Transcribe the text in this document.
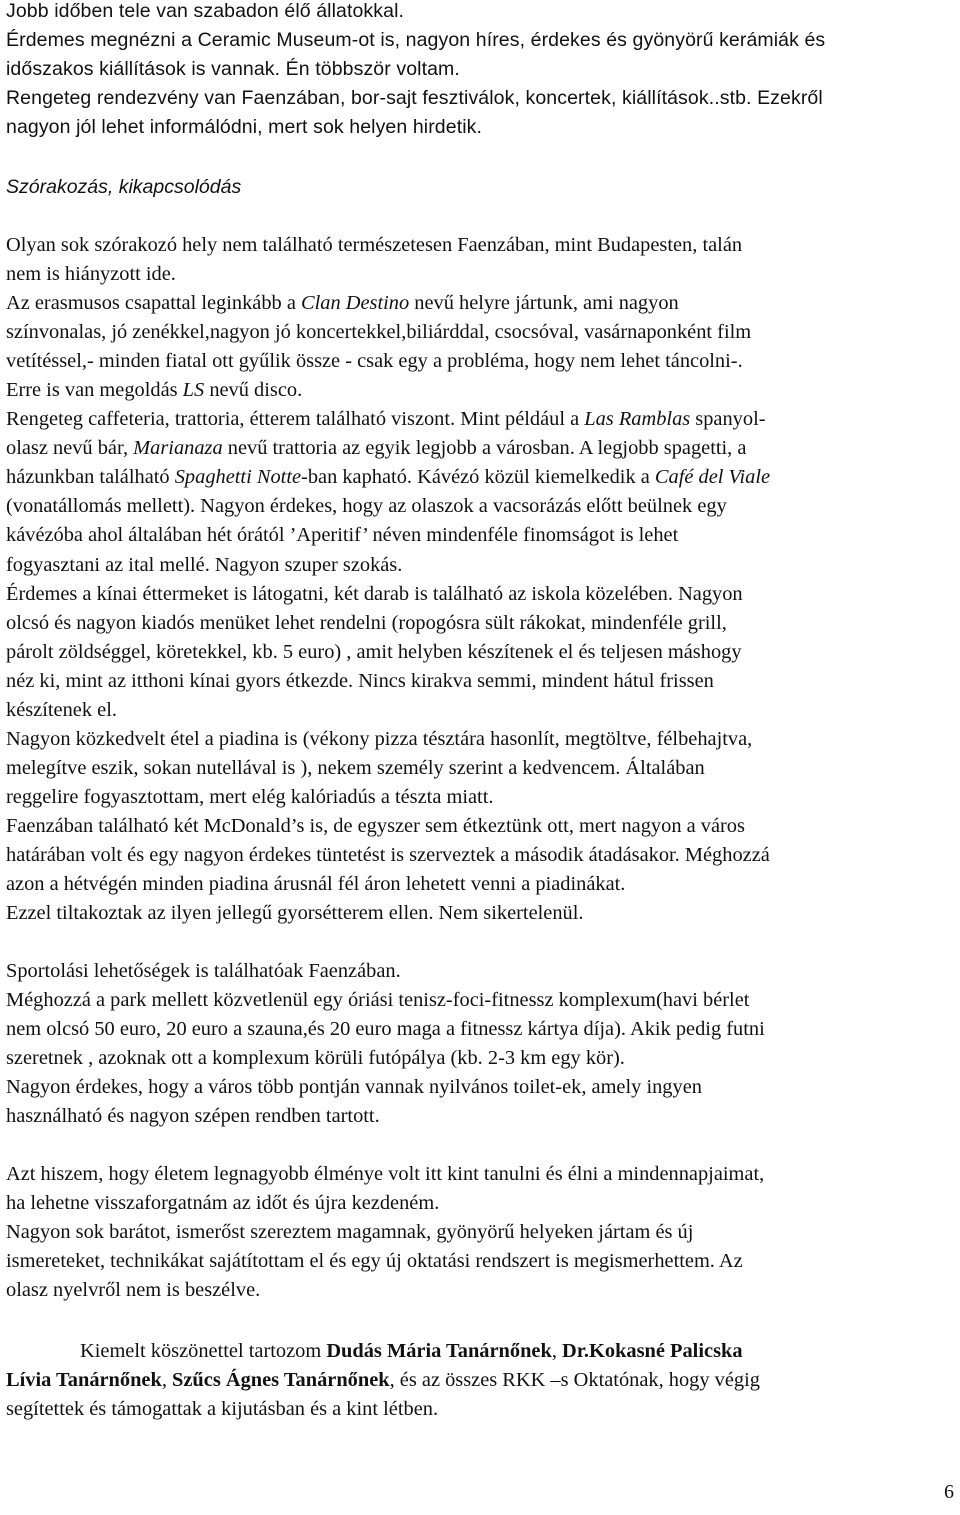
Jobb időben tele van szabadon élő állatokkal.
Érdemes megnézni a Ceramic Museum-ot is, nagyon híres, érdekes és gyönyörű kerámiák és
időszakos kiállítások is vannak. Én többször voltam.
Rengeteg rendezvény van Faenzában, bor-sajt fesztiválok, koncertek, kiállítások..stb. Ezekről
nagyon jól lehet informálódni, mert sok helyen hirdetik.
Szórakozás, kikapcsolódás
Olyan sok szórakozó hely nem található természetesen Faenzában, mint Budapesten, talán
nem is hiányzott ide.
Az erasmusos csapattal leginkább a Clan Destino nevű helyre jártunk, ami nagyon
színvonalas, jó zenékkel,nagyon jó koncertekkel,biliárddal, csocsóval, vasárnaponként film
vetítéssel,- minden fiatal ott gyűlik össze - csak egy a probléma, hogy nem lehet táncolni-.
Erre is van megoldás LS nevű disco.
Rengeteg caffeteria, trattoria, étterem található viszont. Mint például a Las Ramblas spanyol-
olasz nevű bár, Marianaza nevű trattoria az egyik legjobb a városban. A legjobb spagetti, a
házunkban található Spaghetti Notte-ban kapható. Kávézó közül kiemelkedik a Café del Viale
(vonatállomás mellett). Nagyon érdekes, hogy az olaszok a vacsorázás előtt beülnek egy
kávézóba ahol általában hét órától ’Aperitif’ néven mindenféle finomságot is lehet
fogyasztani az ital mellé. Nagyon szuper szokás.
Érdemes a kínai éttermeket is látogatni, két darab is található az iskola közelében. Nagyon
olcsó és nagyon kiadós menüket lehet rendelni (ropogósra sült rákokat, mindenféle grill,
párolt zöldséggel, köretekkel, kb. 5 euro) , amit helyben készítenek el és teljesen máshogy
néz ki, mint az itthoni kínai gyors étkezde. Nincs kirakva semmi, mindent hátul frissen
készítenek el.
Nagyon közkedvelt étel a piadina is (vékony pizza tésztára hasonlít, megtöltve, félbehajtva,
melegítve eszik, sokan nutellával is ), nekem személy szerint a kedvencem. Általában
reggelire fogyasztottam, mert elég kalóriadús a tészta miatt.
Faenzában található két McDonald’s is, de egyszer sem étkeztünk ott, mert nagyon a város
határában volt és egy nagyon érdekes tüntetést is szerveztek a második átadásakor. Méghozzá
azon a hétvégén minden piadina árusnál fél áron lehetett venni a piadinákat.
Ezzel tiltakoztak az ilyen jellegű gyorsétterem ellen. Nem sikertelenül.
Sportolási lehetőségek is találhatóak Faenzában.
Méghozzá a park mellett közvetlenül egy óriási tenisz-foci-fitnessz komplexum(havi bérlet
nem olcsó 50 euro, 20 euro a szauna,és 20 euro maga a fitnessz kártya díja). Akik pedig futni
szeretnek , azoknak ott a komplexum körüli futópálya (kb. 2-3 km egy kör).
Nagyon érdekes, hogy a város több pontján vannak nyilvános toilet-ek, amely ingyen
használható és nagyon szépen rendben tartott.
Azt hiszem, hogy életem legnagyobb élménye volt itt kint tanulni és élni a mindennapjaimat,
ha lehetne visszaforgatnám az időt és újra kezdeném.
Nagyon sok barátot, ismerőst szereztem magamnak, gyönyörű helyeken jártam és új
ismereteket, technikákat sajátítottam el és egy új oktatási rendszert is megismerhettem. Az
olasz nyelvről nem is beszélve.
Kiemelt köszönettel tartozom Dudás Mária Tanárnőnek, Dr.Kokasné Palicska
Lívia Tanárnőnek, Szűcs Ágnes Tanárnőnek, és az összes RKK –s Oktatónak, hogy végig
segítettek és támogattak a kijutásban és a kint létben.
6
